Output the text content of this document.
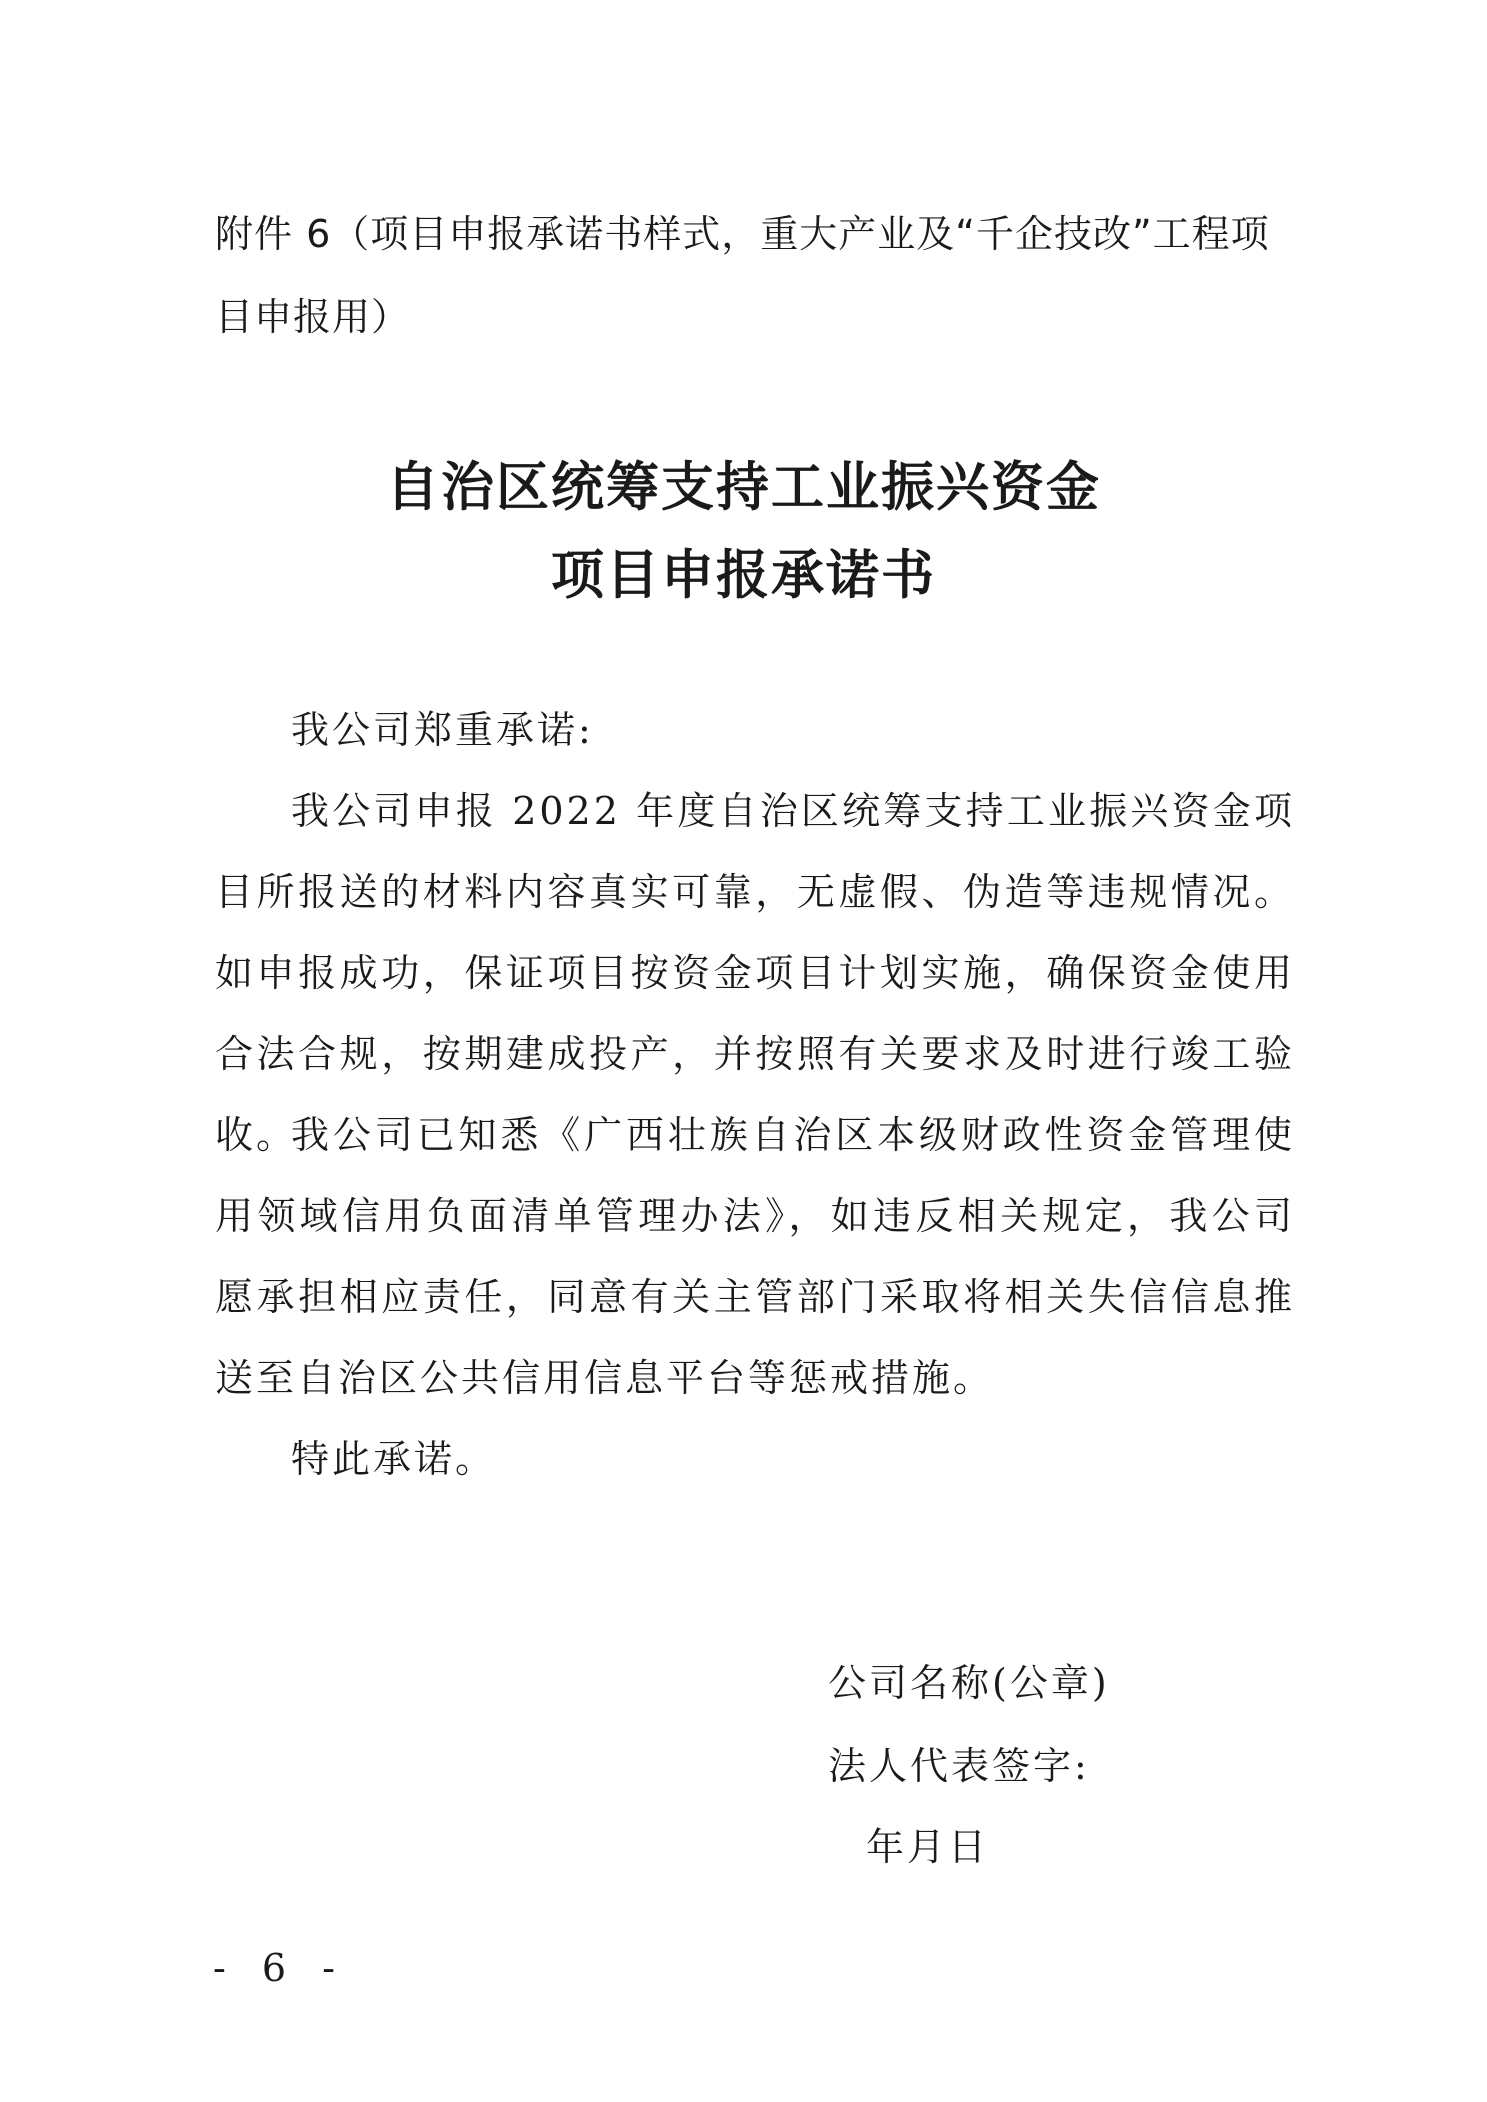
附件 6（项目申报承诺书样式，重大产业及“千企技改”工程项目申报用）

自治区统筹支持工业振兴资金
项目申报承诺书

我公司郑重承诺:

我公司申报 2022 年度自治区统筹支持工业振兴资金项目所报送的材料内容真实可靠，无虚假、伪造等违规情况。如申报成功，保证项目按资金项目计划实施，确保资金使用合法合规，按期建成投产，并按照有关要求及时进行竣工验收。

我公司已知悉《广西壮族自治区本级财政性资金管理使用领域信用负面清单管理办法》，如违反相关规定，我公司愿承担相应责任，同意有关主管部门采取将相关失信信息推送至自治区公共信用信息平台等惩戒措施。

特此承诺。

公司名称(公章)

法人代表签字:

年月日

- 6 -
